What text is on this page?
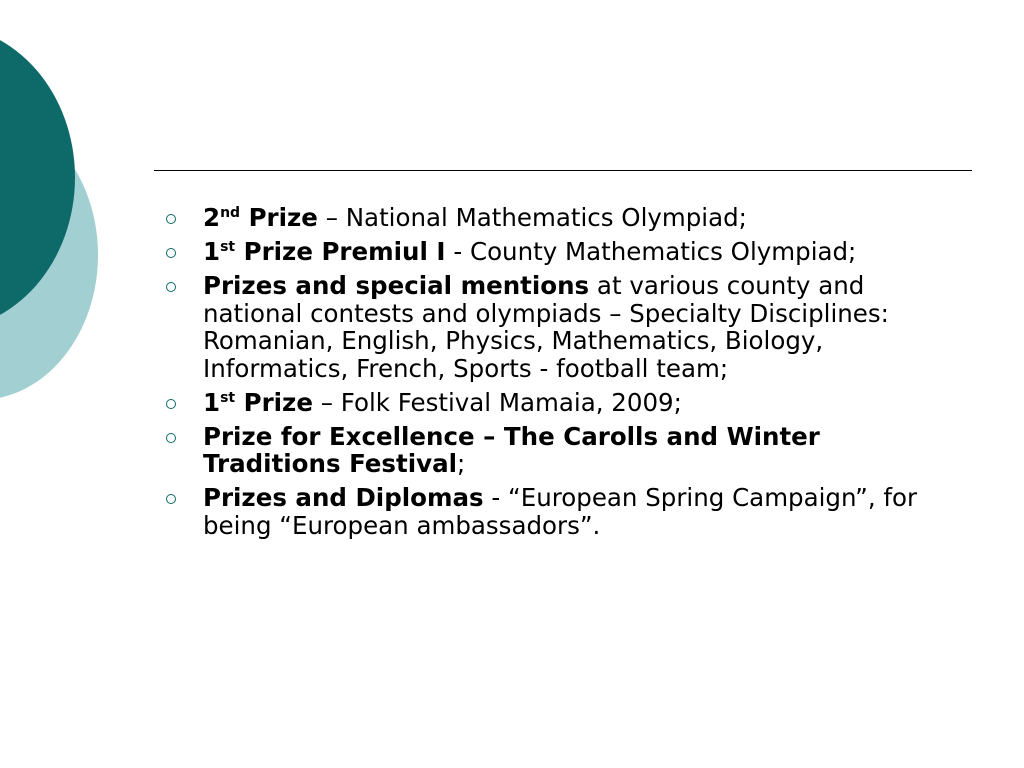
2nd Prize – National Mathematics Olympiad;
1st Prize Premiul I - County Mathematics Olympiad;
Prizes and special mentions at various county and national contests and olympiads – Specialty Disciplines: Romanian, English, Physics, Mathematics, Biology, Informatics, French, Sports - football team;
1st Prize – Folk Festival Mamaia, 2009;
Prize for Excellence – The Carolls and Winter Traditions Festival;
Prizes and Diplomas - “European Spring Campaign”, for being “European ambassadors”.
